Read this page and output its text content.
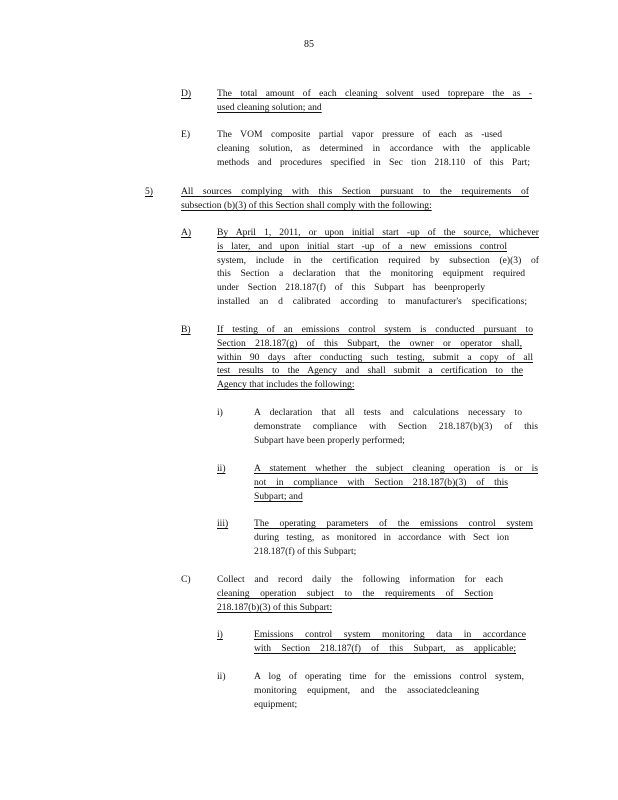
85
D)	The total amount of each cleaning solvent used toprepare the as -
used cleaning solution; and
E)	The VOM composite partial vapor pressure of each as -used
cleaning solution, as determined in accordance with the applicable
methods and procedures specified in Sec tion 218.110 of this Part;
5)	All sources complying with this Section pursuant to the requirements of
subsection (b)(3) of this Section shall comply with the following:
A)	By April 1, 2011, or upon initial start -up of the source, whichever
is later, and upon initial start -up of a new emissions control
system, include in the certification required by subsection (e)(3) of
this Section a declaration that the monitoring equipment required
under Section 218.187(f) of this Subpart has beenproperly
installed an d calibrated according to manufacturer's specifications;
B)	If testing of an emissions control system is conducted pursuant to
Section 218.187(g) of this Subpart, the owner or operator shall,
within 90 days after conducting such testing, submit a copy of all
test results to the Agency and shall submit a certification to the
Agency that includes the following:
i)	A declaration that all tests and calculations necessary to
demonstrate compliance with Section 218.187(b)(3) of this
Subpart have been properly performed;
ii)	A statement whether the subject cleaning operation is or is
not in compliance with Section 218.187(b)(3) of this
Subpart; and
iii)	The operating parameters of the emissions control system
during testing, as monitored in accordance with Sect ion
218.187(f) of this Subpart;
C)	Collect and record daily the following information for each
cleaning operation subject to the requirements of Section
218.187(b)(3) of this Subpart:
i)	Emissions control system monitoring data in accordance
with Section 218.187(f) of this Subpart, as applicable;
ii)	A log of operating time for the emissions control system,
monitoring equipment, and the associatedcleaning
equipment;
